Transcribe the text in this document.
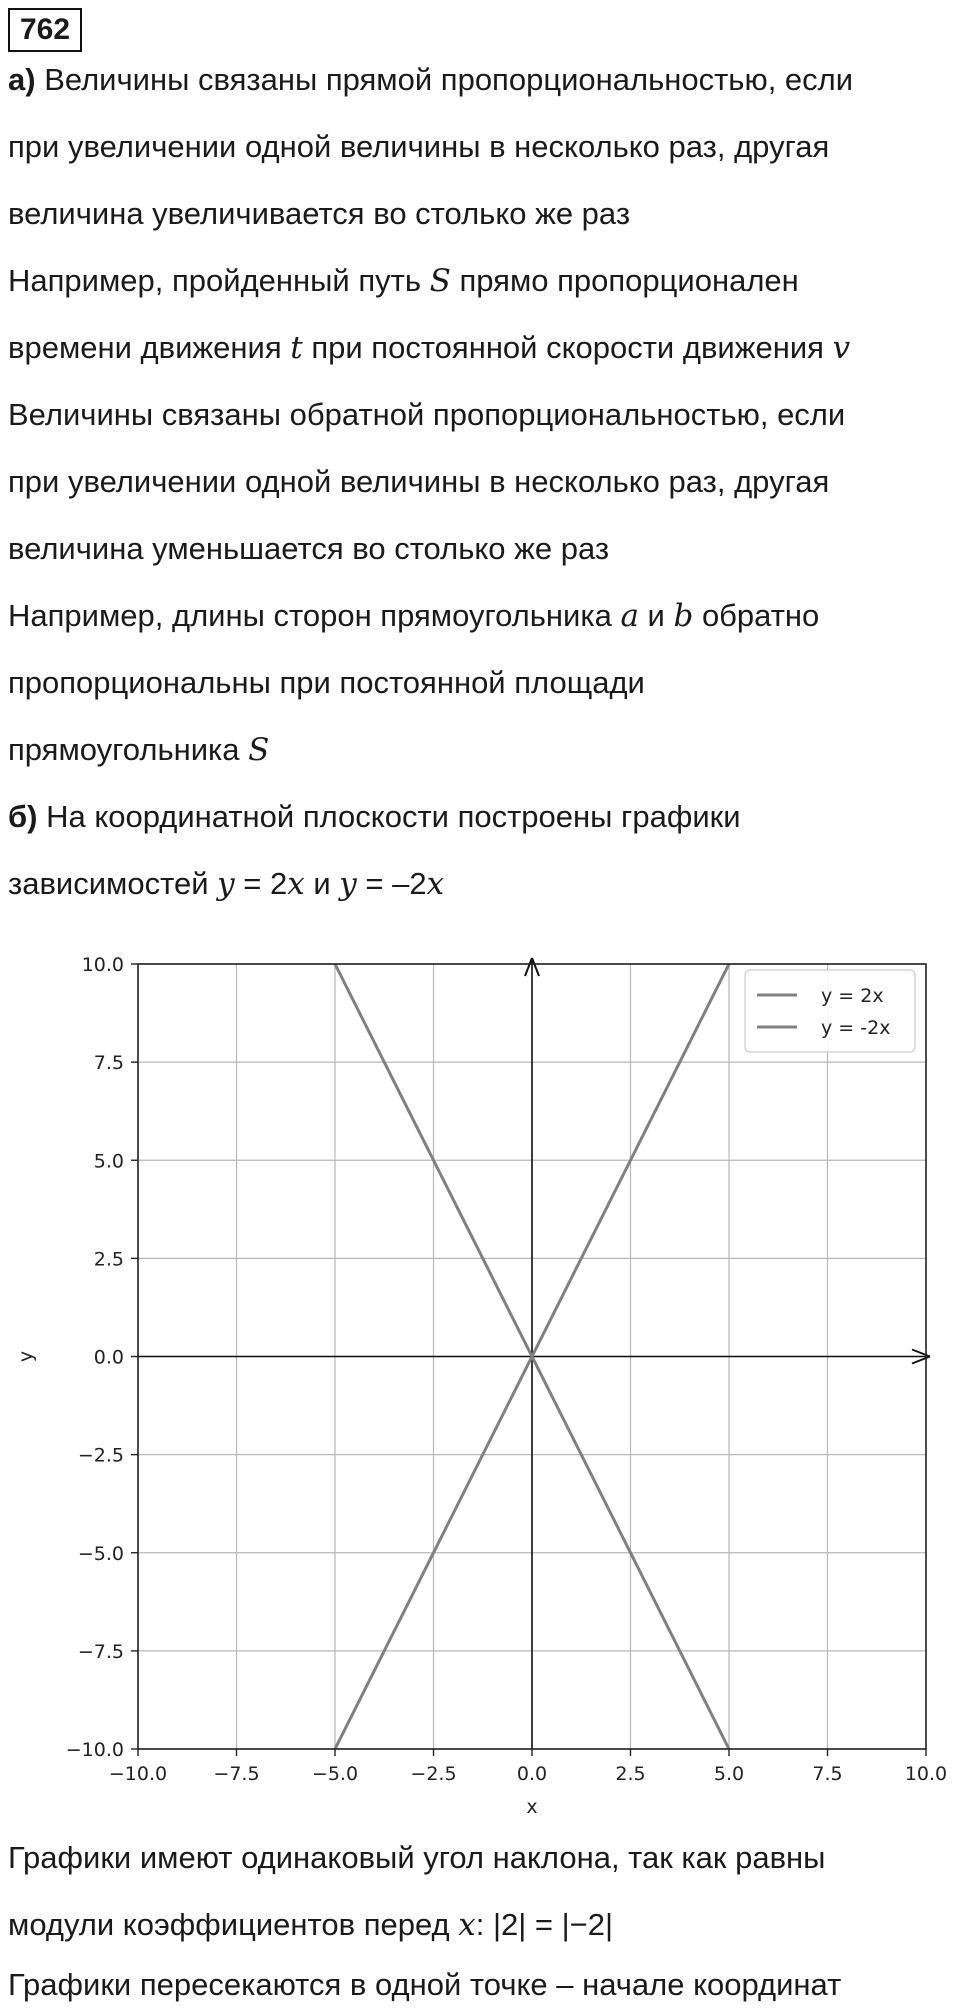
762
а) Величины связаны прямой пропорциональностью, если
при увеличении одной величины в несколько раз, другая
величина увеличивается во столько же раз
Например, пройденный путь S прямо пропорционален
времени движения t при постоянной скорости движения v
Величины связаны обратной пропорциональностью, если
при увеличении одной величины в несколько раз, другая
величина уменьшается во столько же раз
Например, длины сторон прямоугольника a и b обратно
пропорциональны при постоянной площади
прямоугольника S
б) На координатной плоскости построены графики
зависимостей y = 2x и y = –2x
−10.0 −7.5	−5.0	−2.5	0.0	2.5	5.0	7.5	10.0
10.0
7.5
5.0
2.5
0.0
−2.5
−5.0
−7.5
−10.0
x
y
y = 2x
y = -2x
Графики имеют одинаковый угол наклона, так как равны
модули коэффициентов перед x: |2| = |−2|
Графики пересекаются в одной точке – начале координат
